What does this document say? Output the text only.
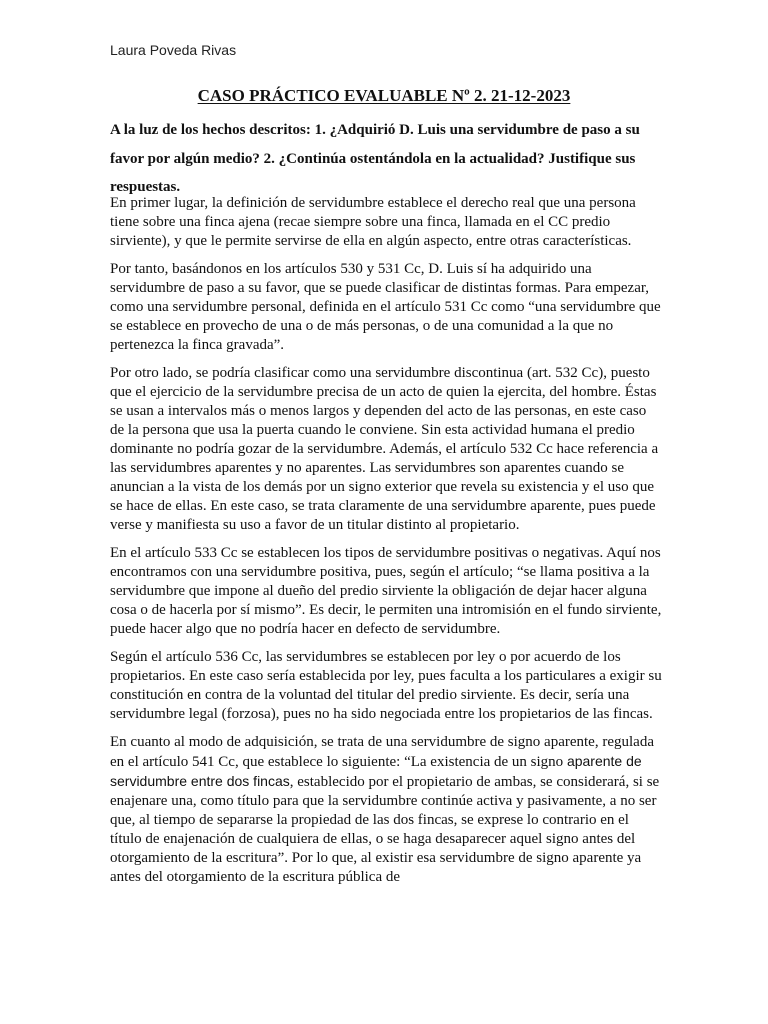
Laura Poveda Rivas
CASO PRÁCTICO EVALUABLE Nº 2. 21-12-2023
A la luz de los hechos descritos: 1. ¿Adquirió D. Luis una servidumbre de paso a su favor por algún medio? 2. ¿Continúa ostentándola en la actualidad? Justifique sus respuestas.

En primer lugar, la definición de servidumbre establece el derecho real que una persona tiene sobre una finca ajena (recae siempre sobre una finca, llamada en el CC predio sirviente), y que le permite servirse de ella en algún aspecto, entre otras características.

Por tanto, basándonos en los artículos 530 y 531 Cc, D. Luis sí ha adquirido una servidumbre de paso a su favor, que se puede clasificar de distintas formas. Para empezar, como una servidumbre personal, definida en el artículo 531 Cc como “una servidumbre que se establece en provecho de una o de más personas, o de una comunidad a la que no pertenezca la finca gravada”.

Por otro lado, se podría clasificar como una servidumbre discontinua (art. 532 Cc), puesto que el ejercicio de la servidumbre precisa de un acto de quien la ejercita, del hombre. Éstas se usan a intervalos más o menos largos y dependen del acto de las personas, en este caso de la persona que usa la puerta cuando le conviene. Sin esta actividad humana el predio dominante no podría gozar de la servidumbre. Además, el artículo 532 Cc hace referencia a las servidumbres aparentes y no aparentes. Las servidumbres son aparentes cuando se anuncian a la vista de los demás por un signo exterior que revela su existencia y el uso que se hace de ellas. En este caso, se trata claramente de una servidumbre aparente, pues puede verse y manifiesta su uso a favor de un titular distinto al propietario.

En el artículo 533 Cc se establecen los tipos de servidumbre positivas o negativas. Aquí nos encontramos con una servidumbre positiva, pues, según el artículo; “se llama positiva a la servidumbre que impone al dueño del predio sirviente la obligación de dejar hacer alguna cosa o de hacerla por sí mismo”. Es decir, le permiten una intromisión en el fundo sirviente, puede hacer algo que no podría hacer en defecto de servidumbre.

Según el artículo 536 Cc, las servidumbres se establecen por ley o por acuerdo de los propietarios. En este caso sería establecida por ley, pues faculta a los particulares a exigir su constitución en contra de la voluntad del titular del predio sirviente. Es decir, sería una servidumbre legal (forzosa), pues no ha sido negociada entre los propietarios de las fincas.

En cuanto al modo de adquisición, se trata de una servidumbre de signo aparente, regulada en el artículo 541 Cc, que establece lo siguiente: “La existencia de un signo aparente de servidumbre entre dos fincas, establecido por el propietario de ambas, se considerará, si se enajenare una, como título para que la servidumbre continúe activa y pasivamente, a no ser que, al tiempo de separarse la propiedad de las dos fincas, se exprese lo contrario en el título de enajenación de cualquiera de ellas, o se haga desaparecer aquel signo antes del otorgamiento de la escritura”. Por lo que, al existir esa servidumbre de signo aparente ya antes del otorgamiento de la escritura pública de
